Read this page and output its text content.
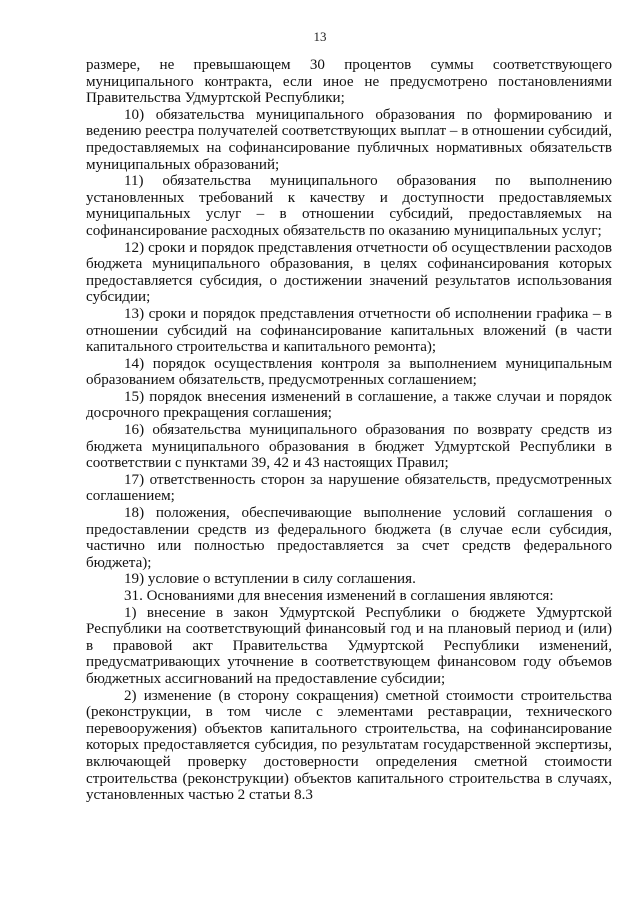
13

размере, не превышающем 30 процентов суммы соответствующего муниципального контракта, если иное не предусмотрено постановлениями Правительства Удмуртской Республики;

10) обязательства муниципального образования по формированию и ведению реестра получателей соответствующих выплат – в отношении субсидий, предоставляемых на софинансирование публичных нормативных обязательств муниципальных образований;

11) обязательства муниципального образования по выполнению установленных требований к качеству и доступности предоставляемых муниципальных услуг – в отношении субсидий, предоставляемых на софинансирование расходных обязательств по оказанию муниципальных услуг;

12) сроки и порядок представления отчетности об осуществлении расходов бюджета муниципального образования, в целях софинансирования которых предоставляется субсидия, о достижении значений результатов использования субсидии;

13) сроки и порядок представления отчетности об исполнении графика – в отношении субсидий на софинансирование капитальных вложений (в части капитального строительства и капитального ремонта);

14) порядок осуществления контроля за выполнением муниципальным образованием обязательств, предусмотренных соглашением;

15) порядок внесения изменений в соглашение, а также случаи и порядок досрочного прекращения соглашения;

16) обязательства муниципального образования по возврату средств из бюджета муниципального образования в бюджет Удмуртской Республики в соответствии с пунктами 39, 42 и 43 настоящих Правил;

17) ответственность сторон за нарушение обязательств, предусмотренных соглашением;

18) положения, обеспечивающие выполнение условий соглашения о предоставлении средств из федерального бюджета (в случае если субсидия, частично или полностью предоставляется за счет средств федерального бюджета);

19) условие о вступлении в силу соглашения.

31. Основаниями для внесения изменений в соглашения являются:

1) внесение в закон Удмуртской Республики о бюджете Удмуртской Республики на соответствующий финансовый год и на плановый период и (или) в правовой акт Правительства Удмуртской Республики изменений, предусматривающих уточнение в соответствующем финансовом году объемов бюджетных ассигнований на предоставление субсидии;

2) изменение (в сторону сокращения) сметной стоимости строительства (реконструкции, в том числе с элементами реставрации, технического перевооружения) объектов капитального строительства, на софинансирование которых предоставляется субсидия, по результатам государственной экспертизы, включающей проверку достоверности определения сметной стоимости строительства (реконструкции) объектов капитального строительства в случаях, установленных частью 2 статьи 8.3
